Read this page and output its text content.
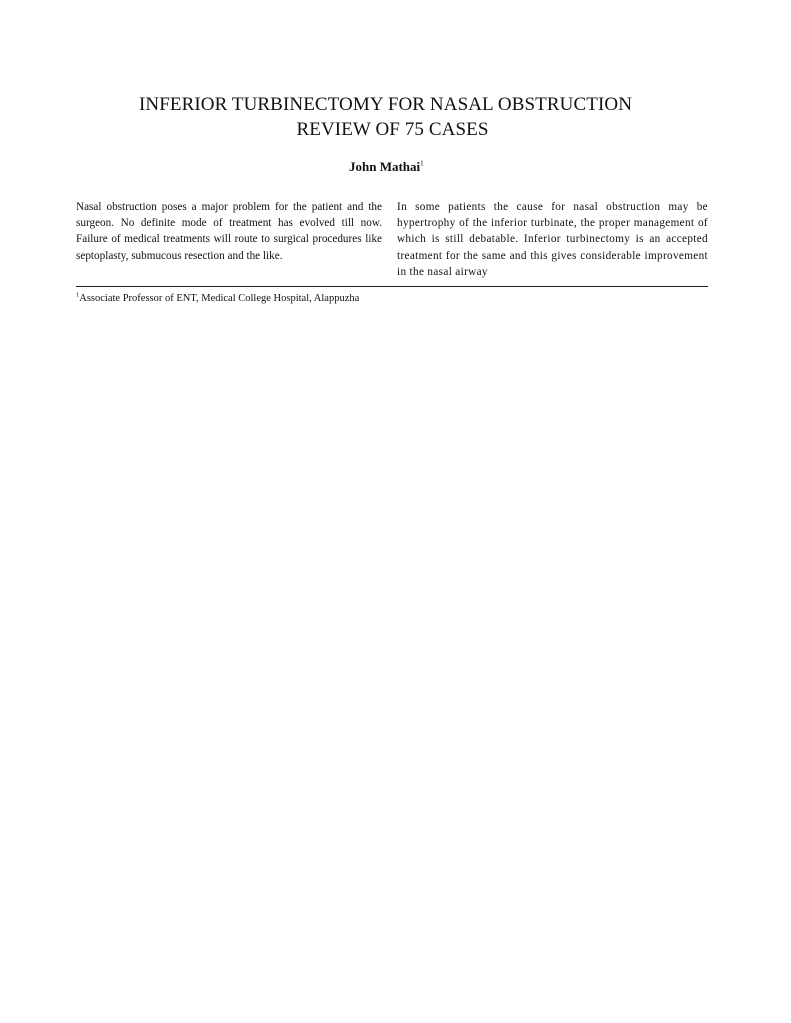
INFERIOR TURBINECTOMY FOR NASAL OBSTRUCTION
REVIEW OF 75 CASES
John Mathai$^1$

Nasal obstruction poses a major problem for the patient and the surgeon. No definite mode of treatment has evolved till now. Failure of medical treatments will route to surgical procedures like septoplasty, submucous resection and the like.

In some patients the cause for nasal obstruction may be hypertrophy of the inferior turbinate, the proper management of which is still debatable. Inferior turbinectomy is an accepted treatment for the same and this gives considerable improvement in the nasal airway

$^1$Associate Professor of ENT, Medical College Hospital, Alappuzha
